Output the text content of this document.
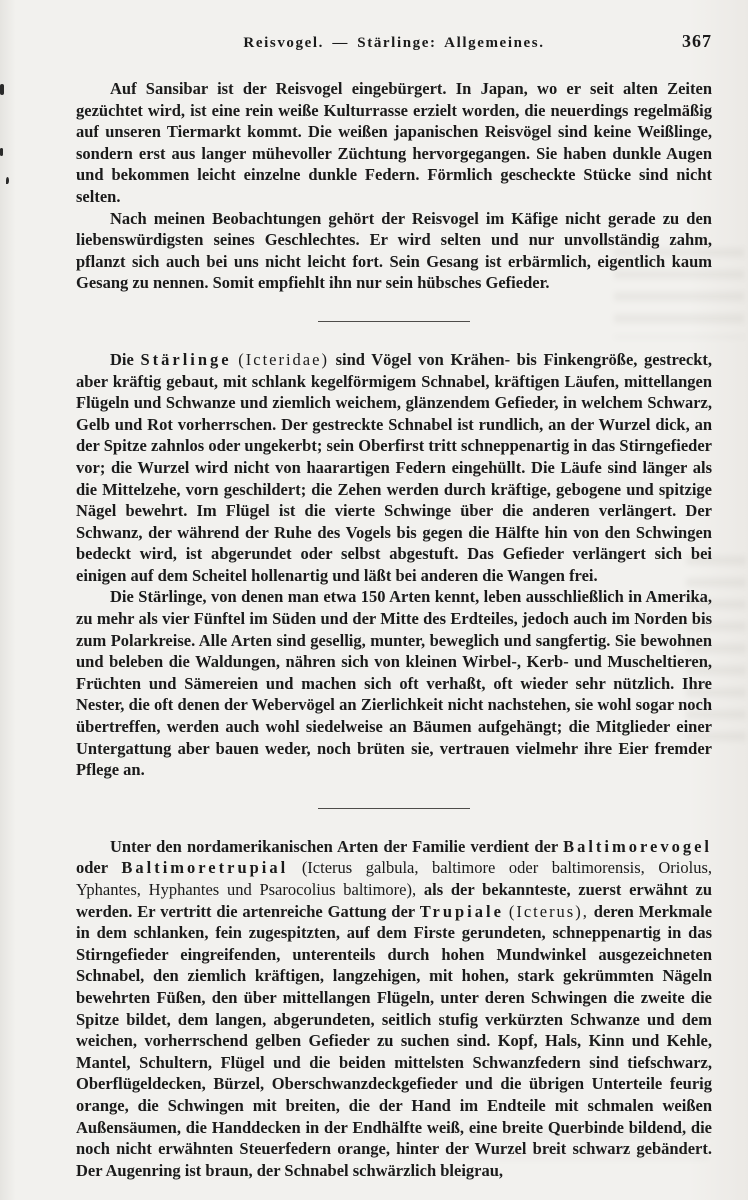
Reisvogel. — Stärlinge: Allgemeines.	367

Auf Sansibar ist der Reisvogel eingebürgert. In Japan, wo er seit alten Zeiten gezüchtet wird, ist eine rein weiße Kulturrasse erzielt worden, die neuerdings regelmäßig auf unseren Tiermarkt kommt. Die weißen japanischen Reisvögel sind keine Weißlinge, sondern erst aus langer mühevoller Züchtung hervorgegangen. Sie haben dunkle Augen und bekommen leicht einzelne dunkle Federn. Förmlich gescheckte Stücke sind nicht selten.

Nach meinen Beobachtungen gehört der Reisvogel im Käfige nicht gerade zu den liebenswürdigsten seines Geschlechtes. Er wird selten und nur unvollständig zahm, pflanzt sich auch bei uns nicht leicht fort. Sein Gesang ist erbärmlich, eigentlich kaum Gesang zu nennen. Somit empfiehlt ihn nur sein hübsches Gefieder.

Die Stärlinge (Icteridae) sind Vögel von Krähen- bis Finkengröße, gestreckt, aber kräftig gebaut, mit schlank kegelförmigem Schnabel, kräftigen Läufen, mittellangen Flügeln und Schwanze und ziemlich weichem, glänzendem Gefieder, in welchem Schwarz, Gelb und Rot vorherrschen. Der gestreckte Schnabel ist rundlich, an der Wurzel dick, an der Spitze zahnlos oder ungekerbt; sein Oberfirst tritt schneppenartig in das Stirngefieder vor; die Wurzel wird nicht von haarartigen Federn eingehüllt. Die Läufe sind länger als die Mittelzehe, vorn geschildert; die Zehen werden durch kräftige, gebogene und spitzige Nägel bewehrt. Im Flügel ist die vierte Schwinge über die anderen verlängert. Der Schwanz, der während der Ruhe des Vogels bis gegen die Hälfte hin von den Schwingen bedeckt wird, ist abgerundet oder selbst abgestuft. Das Gefieder verlängert sich bei einigen auf dem Scheitel hollenartig und läßt bei anderen die Wangen frei.

Die Stärlinge, von denen man etwa 150 Arten kennt, leben ausschließlich in Amerika, zu mehr als vier Fünftel im Süden und der Mitte des Erdteiles, jedoch auch im Norden bis zum Polarkreise. Alle Arten sind gesellig, munter, beweglich und sangfertig. Sie bewohnen und beleben die Waldungen, nähren sich von kleinen Wirbel-, Kerb- und Muscheltieren, Früchten und Sämereien und machen sich oft verhaßt, oft wieder sehr nützlich. Ihre Nester, die oft denen der Webervögel an Zierlichkeit nicht nachstehen, sie wohl sogar noch übertreffen, werden auch wohl siedelweise an Bäumen aufgehängt; die Mitglieder einer Untergattung aber bauen weder, noch brüten sie, vertrauen vielmehr ihre Eier fremder Pflege an.

Unter den nordamerikanischen Arten der Familie verdient der Baltimorevogel oder Baltimoretrupial (Icterus galbula, baltimore oder baltimorensis, Oriolus, Yphantes, Hyphantes und Psarocolius baltimore), als der bekannteste, zuerst erwähnt zu werden. Er vertritt die artenreiche Gattung der Trupiale (Icterus), deren Merkmale in dem schlanken, fein zugespitzten, auf dem Firste gerundeten, schneppenartig in das Stirngefieder eingreifenden, unterenteils durch hohen Mundwinkel ausgezeichneten Schnabel, den ziemlich kräftigen, langzehigen, mit hohen, stark gekrümmten Nägeln bewehrten Füßen, den über mittellangen Flügeln, unter deren Schwingen die zweite die Spitze bildet, dem langen, abgerundeten, seitlich stufig verkürzten Schwanze und dem weichen, vorherrschend gelben Gefieder zu suchen sind. Kopf, Hals, Kinn und Kehle, Mantel, Schultern, Flügel und die beiden mittelsten Schwanzfedern sind tiefschwarz, Oberflügeldecken, Bürzel, Oberschwanzdeckgefieder und die übrigen Unterteile feurig orange, die Schwingen mit breiten, die der Hand im Endteile mit schmalen weißen Außensäumen, die Handdecken in der Endhälfte weiß, eine breite Querbinde bildend, die noch nicht erwähnten Steuerfedern orange, hinter der Wurzel breit schwarz gebändert. Der Augenring ist braun, der Schnabel schwärzlich bleigrau,
